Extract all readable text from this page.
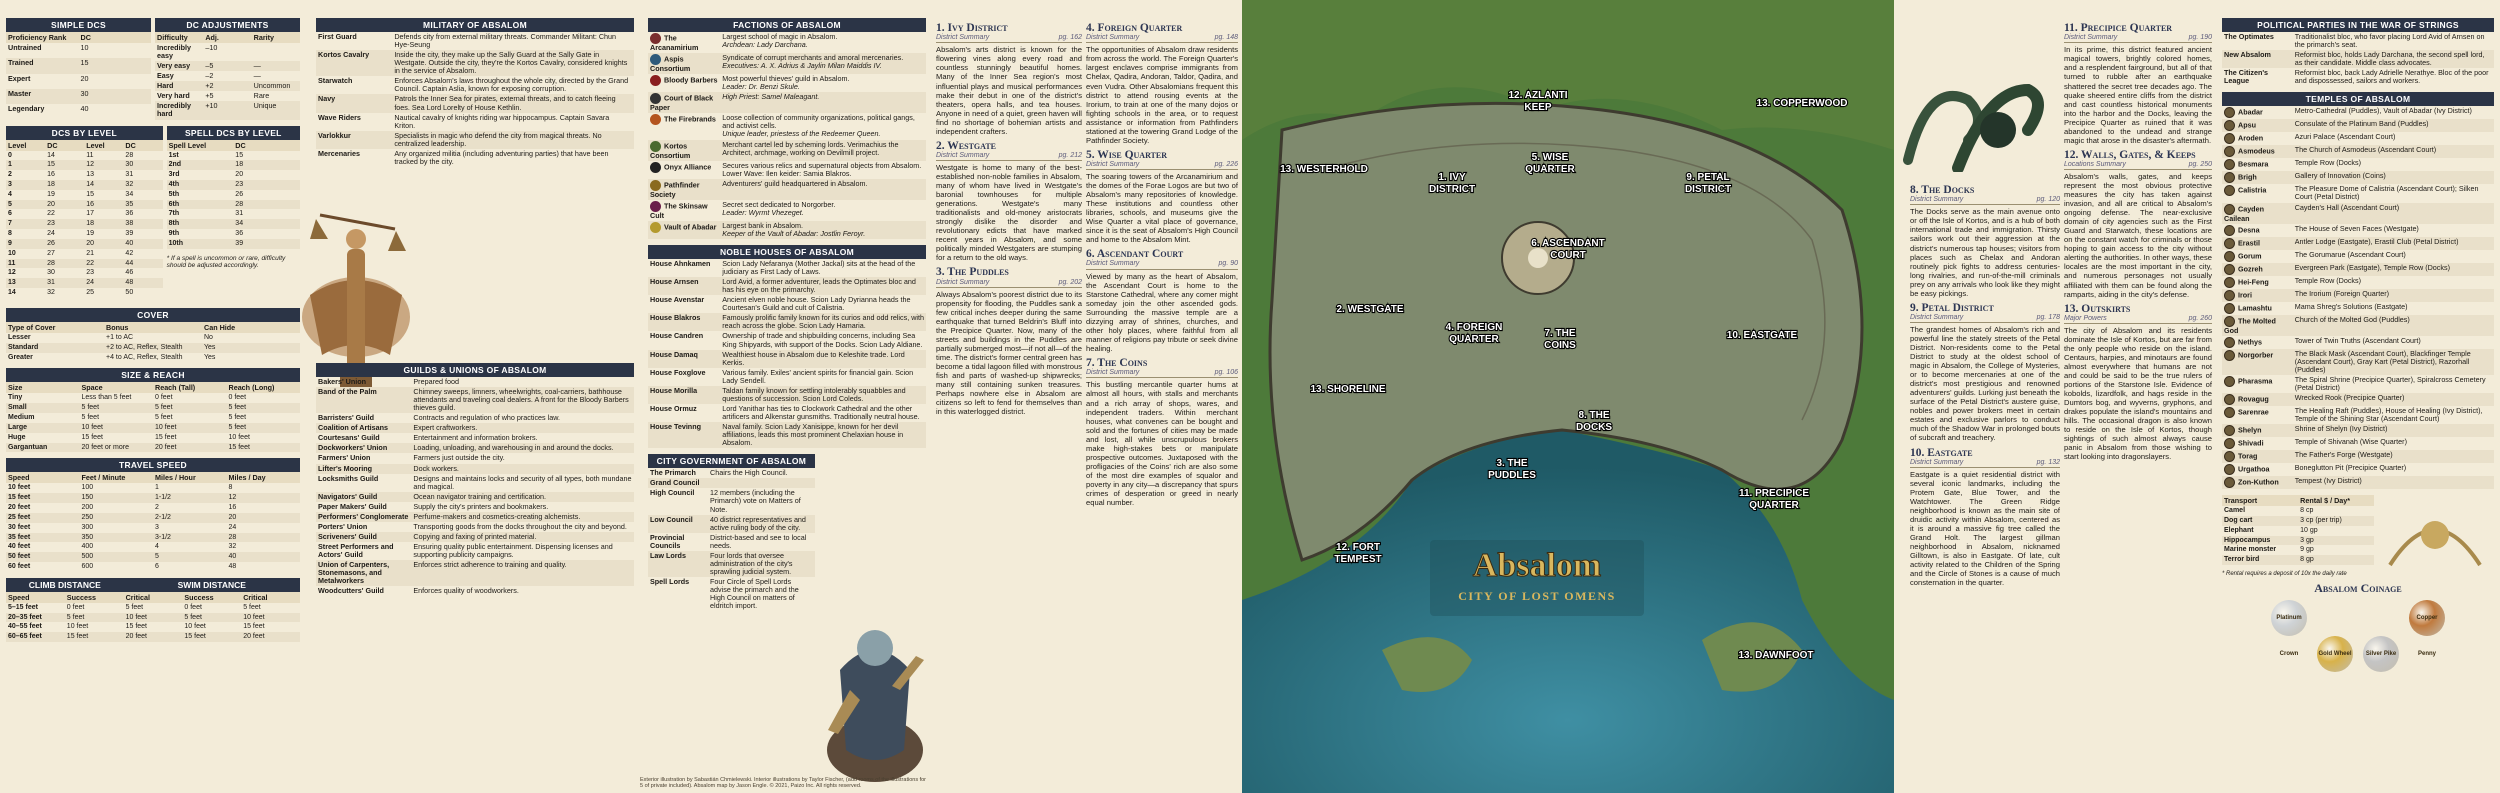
SIMPLE DCS
Proficiency Rank	DC
Untrained	10
Trained	15
Expert	20
Master	30
Legendary	40
DC ADJUSTMENTS
Difficulty	Adj.	Rarity
Incredibly easy	–10	
Very easy	–5	—
Easy	–2	—
Hard	+2	Uncommon
Very hard	+5	Rare
Incredibly hard	+10	Unique
DCS BY LEVEL
Level	DC	Level	DC
0	14	11	28
1	15	12	30
2	16	13	31
3	18	14	32
4	19	15	34
5	20	16	35
6	22	17	36
7	23	18	38
8	24	19	39
9	26	20	40
10	27	21	42
11	28	22	44
12	30	23	46
13	31	24	48
14	32	25	50
SPELL DCS BY LEVEL
Spell Level	DC
1st	15
2nd	18
3rd	20
4th	23
5th	26
6th	28
7th	31
8th	34
9th	36
10th	39
* If a spell is uncommon or rare, difficulty should be adjusted accordingly.
COVER
Type of Cover	Bonus	Can Hide
Lesser	+1 to AC	No
Standard	+2 to AC, Reflex, Stealth	Yes
Greater	+4 to AC, Reflex, Stealth	Yes
SIZE & REACH
Size	Space	Reach (Tall)	Reach (Long)
Tiny	Less than 5 feet	0 feet	0 feet
Small	5 feet	5 feet	5 feet
Medium	5 feet	5 feet	5 feet
Large	10 feet	10 feet	5 feet
Huge	15 feet	15 feet	10 feet
Gargantuan	20 feet or more	20 feet	15 feet
TRAVEL SPEED
Speed	Feet / Minute	Miles / Hour	Miles / Day
10 feet	100	1	8
15 feet	150	1-1/2	12
20 feet	200	2	16
25 feet	250	2-1/2	20
30 feet	300	3	24
35 feet	350	3-1/2	28
40 feet	400	4	32
50 feet	500	5	40
60 feet	600	6	48
CLIMB DISTANCE	SWIM DISTANCE
Speed	Success	Critical	Success	Critical
5–15 feet	0 feet	5 feet	0 feet	5 feet
20–35 feet	5 feet	10 feet	5 feet	10 feet
40–55 feet	10 feet	15 feet	10 feet	15 feet
60–65 feet	15 feet	20 feet	15 feet	20 feet
MILITARY OF ABSALOM
First Guard	Defends city from external military threats. Commander Militant: Chun Hye-Seung
Kortos Cavalry	Inside the city, they make up the Sally Guard at the Sally Gate in Westgate. Outside the city, they're the Kortos Cavalry, considered knights in the service of Absalom.
Starwatch	Enforces Absalom's laws throughout the whole city, directed by the Grand Council. Captain Aslia, known for exposing corruption.
Navy	Patrols the Inner Sea for pirates, external threats, and to catch fleeing foes. Sea Lord Lorelty of House Kethlin.
Wave Riders	Nautical cavalry of knights riding war hippocampus. Captain Savara Kriton.
Varlokkur	Specialists in magic who defend the city from magical threats. No centralized leadership.
Mercenaries	Any organized militia (including adventuring parties) that have been tracked by the city.
GUILDS & UNIONS OF ABSALOM
Bakers' Union	Prepared food
Band of the Palm	Chimney sweeps, limners, wheelwrights, coal-carriers, bathhouse attendants and traveling coal dealers. A front for the Bloody Barbers thieves guild.
Barristers' Guild	Contracts and regulation of who practices law.
Coalition of Artisans	Expert craftworkers.
Courtesans' Guild	Entertainment and information brokers.
Dockworkers' Union	Loading, unloading, and warehousing in and around the docks.
Farmers' Union	Farmers just outside the city.
Lifter's Mooring	Dock workers.
Locksmiths Guild	Designs and maintains locks and security of all types, both mundane and magical.
Navigators' Guild	Ocean navigator training and certification.
Paper Makers' Guild	Supply the city's printers and bookmakers.
Performers' Conglomerate	Perfume-makers and cosmetics-creating alchemists.
Porters' Union	Transporting goods from the docks throughout the city and beyond.
Scriveners' Guild	Copying and faxing of printed material.
Street Performers and Actors' Guild	Ensuring quality public entertainment. Dispensing licenses and supporting publicity campaigns.
Union of Carpenters, Stonemasons, and Metalworkers	Enforces strict adherence to training and quality.
Woodcutters' Guild	Enforces quality of woodworkers.
FACTIONS OF ABSALOM
The Arcanamirium	Largest school of magic in Absalom.
Archdean: Lady Darchana.

Aspis Consortium	Syndicate of corrupt merchants and amoral mercenaries.
Executives: A. X. Adrius & Jaylin Milan Maiddis IV.

Bloody Barbers	Most powerful thieves' guild in Absalom.
Leader: Dr. Benzi Skule.

Court of Black Paper	High Priest: Samel Maleagant.

The Firebrands	Loose collection of community organizations, political gangs, and activist cells.
Unique leader, priestess of the Redeemer Queen.

Kortos Consortium	Merchant cartel led by scheming lords. Verimachius the Architect, archmage, working on Devilmill project.

Onyx Alliance	Secures various relics and supernatural objects from Absalom. Lower Wave: Ilen keider: Samia Blakros.

Pathfinder Society	Adventurers' guild headquartered in Absalom.

The Skinsaw Cult	Secret sect dedicated to Norgorber.
Leader: Wyrmt Vhezeget.

Vault of Abadar	Largest bank in Absalom.
Keeper of the Vault of Abadar: Jostlin Feroyr.
NOBLE HOUSES OF ABSALOM
House Ahnkamen	Scion Lady Nefaranya (Mother Jackal) sits at the head of the judiciary as First Lady of Laws.
House Arnsen	Lord Avid, a former adventurer, leads the Optimates bloc and has his eye on the primarchy.
House Avenstar	Ancient elven noble house. Scion Lady Dyrianna heads the Courtesan's Guild and cult of Calistria.
House Blakros	Famously prolific family known for its curios and odd relics, with reach across the globe. Scion Lady Hamaria.
House Candren	Ownership of trade and shipbuilding concerns, including Sea King Shipyards, with support of the Docks. Scion Lady Aldiane.
House Damaq	Wealthiest house in Absalom due to Keleshite trade. Lord Kerkis.
House Foxglove	Various family. Exiles' ancient spirits for financial gain. Scion Lady Sendell.
House Morilla	Taldan family known for settling intolerably squabbles and questions of succession. Scion Lord Coleds.
House Ormuz	Lord Yanithar has ties to Clockwork Cathedral and the other artificers and Alkenstar gunsmiths. Traditionally neutral house.
House Tevinng	Naval family. Scion Lady Xanisippe, known for her devil affiliations, leads this most prominent Chelaxian house in Absalom.
CITY GOVERNMENT OF ABSALOM
The Primarch	Chairs the High Council.
Grand Council	
High Council	12 members (including the Primarch) vote on Matters of Note.
Low Council	40 district representatives and active ruling body of the city.
Provincial Councils	District-based and see to local needs.
Law Lords	Four lords that oversee administration of the city's sprawling judicial system.
Spell Lords	Four Circle of Spell Lords advise the primarch and the High Council on matters of eldritch import.
Exterior illustration by Sabastián Chmielewski. Interior illustrations by Taylor Fischer, (add rooms of the illustrations for 5 of private included). Absalom map by Jason Engle. © 2021, Paizo Inc. All rights reserved.
1. Ivy District
District Summary	pg. 162

Absalom's arts district is known for the flowering vines along every road and countless stunningly beautiful homes. Many of the Inner Sea region's most influential plays and musical performances make their debut in one of the district's theaters, opera halls, and tea houses. Anyone in need of a quiet, green haven will find no shortage of bohemian artists and independent crafters.

2. Westgate
District Summary	pg. 212

Westgate is home to many of the best-established non-noble families in Absalom, many of whom have lived in Westgate's baronial townhouses for multiple generations. Westgate's many traditionalists and old-money aristocrats strongly dislike the disorder and revolutionary edicts that have marked recent years in Absalom, and some politically minded Westgaters are stumping for a return to the old ways.

3. The Puddles
District Summary	pg. 202

Always Absalom's poorest district due to its propensity for flooding, the Puddles sank a few critical inches deeper during the same earthquake that turned Beldrin's Bluff into the Precipice Quarter. Now, many of the streets and buildings in the Puddles are partially submerged most—if not all—of the time. The district's former central green has become a tidal lagoon filled with monstrous fish and parts of washed-up shipwrecks; many still containing sunken treasures. Perhaps nowhere else in Absalom are citizens so left to fend for themselves than in this waterlogged district.

4. Foreign Quarter
District Summary	pg. 148

The opportunities of Absalom draw residents from across the world. The Foreign Quarter's largest enclaves comprise immigrants from Chelax, Qadira, Andoran, Taldor, Qadira, and even Vudra. Other Absalomians frequent this district to attend rousing events at the Irorium, to train at one of the many dojos or fighting schools in the area, or to request assistance or information from Pathfinders stationed at the towering Grand Lodge of the Pathfinder Society.

5. Wise Quarter
District Summary	pg. 226

The soaring towers of the Arcanamirium and the domes of the Forae Logos are but two of Absalom's many repositories of knowledge. These institutions and countless other libraries, schools, and museums give the Wise Quarter a vital place of governance, since it is the seat of Absalom's High Council and home to the Absalom Mint.

6. Ascendant Court
District Summary	pg. 90

Viewed by many as the heart of Absalom, the Ascendant Court is home to the Starstone Cathedral, where any comer might someday join the other ascended gods. Surrounding the massive temple are a dizzying array of shrines, churches, and other holy places, where faithful from all manner of religions pay tribute or seek divine healing.

7. The Coins
District Summary	pg. 106

This bustling mercantile quarter hums at almost all hours, with stalls and merchants and a rich array of shops, wares, and independent traders. Within merchant houses, what convenes can be bought and sold and the fortunes of cities may be made and lost, all while unscrupulous brokers make high-stakes bets or manipulate prospective outcomes. Juxtaposed with the profligacies of the Coins' rich are also some of the most dire examples of squalor and poverty in any city—a discrepancy that spurs crimes of desperation or greed in nearly equal number.

1. IVY DISTRICT
2. WESTGATE
3. THE PUDDLES
4. FOREIGN QUARTER
5. WISE QUARTER
6. ASCENDANT COURT
7. THE COINS
8. THE DOCKS
9. PETAL DISTRICT
10. EASTGATE
11. PRECIPICE QUARTER
12. AZLANTI KEEP	13. COPPERWOOD
13. WESTERHOLD
13. SHORELINE
12. FORT TEMPEST
13. DAWNFOOT
Absalom
CITY OF LOST OMENS
8. The Docks
District Summary	pg. 120

The Docks serve as the main avenue onto or off the Isle of Kortos, and is a hub of both international trade and immigration. Thirsty sailors work out their aggression at the district's numerous tap houses; visitors from places such as Chelax and Andoran routinely pick fights to address centuries-long rivalries, and run-of-the-mill criminals prey on any arrivals who look like they might be easy pickings.

9. Petal District
District Summary	pg. 178

The grandest homes of Absalom's rich and powerful line the stately streets of the Petal District. Non-residents come to the Petal District to study at the oldest school of magic in Absalom, the College of Mysteries, or to become mercenaries at one of the district's most prestigious and renowned adventurers' guilds. Lurking just beneath the surface of the Petal District's austere guise, nobles and power brokers meet in certain estates and exclusive parlors to conduct much of the Shadow War in prolonged bouts of subcraft and treachery.

10. Eastgate
District Summary	pg. 132

Eastgate is a quiet residential district with several iconic landmarks, including the Protem Gate, Blue Tower, and the Watchtower. The Green Ridge neighborhood is known as the main site of druidic activity within Absalom, centered as it is around a massive fig tree called the Grand Holt. The largest gillman neighborhood in Absalom, nicknamed Gilltown, is also in Eastgate. Of late, cult activity related to the Children of the Spring and the Circle of Stones is a cause of much consternation in the quarter.

11. Precipice Quarter
District Summary	pg. 190

In its prime, this district featured ancient magical towers, brightly colored homes, and a resplendent fairground, but all of that turned to rubble after an earthquake shattered the secret tree decades ago. The quake sheered entire cliffs from the district and cast countless historical monuments into the harbor and the Docks, leaving the Precipice Quarter as ruined that it was abandoned to the undead and strange magic that arose in the disaster's aftermath.

12. Walls, Gates, & Keeps
Locations Summary	pg. 250

Absalom's walls, gates, and keeps represent the most obvious protective measures the city has taken against invasion, and all are critical to Absalom's ongoing defense. The near-exclusive domain of city agencies such as the First Guard and Starwatch, these locations are on the constant watch for criminals or those hoping to gain access to the city without alerting the authorities. In other ways, these locales are the most important in the city, and numerous personages not usually affiliated with them can be found along the ramparts, aiding in the city's defense.

13. Outskirts
Major Powers	pg. 260

The city of Absalom and its residents dominate the Isle of Kortos, but are far from the only people who reside on the island. Centaurs, harpies, and minotaurs are found almost everywhere that humans are not and could be said to be the true rulers of portions of the Starstone Isle. Evidence of kobolds, lizardfolk, and hags reside in the Dumtors bog, and wyverns, gryphons, and drakes populate the island's mountains and hills. The occasional dragon is also known to reside on the Isle of Kortos, though sightings of such almost always cause panic in Absalom from those wishing to start looking into dragonslayers.

POLITICAL PARTIES IN THE WAR OF STRINGS
The Optimates	Traditionalist bloc, who favor placing Lord Avid of Arnsen on the primarch's seat.
New Absalom	Reformist bloc, holds Lady Darchana, the second spell lord, as their candidate. Middle class advocates.
The Citizen's League	Reformist bloc, back Lady Adrielle Nerathye. Bloc of the poor and dispossessed, sailors and workers.
TEMPLES OF ABSALOM
Abadar	Metro-Cathedral (Puddles), Vault of Abadar (Ivy District)
Apsu	Consulate of the Platinum Band (Puddles)
Aroden	Azuri Palace (Ascendant Court)
Asmodeus	The Church of Asmodeus (Ascendant Court)
Besmara	Temple Row (Docks)
Brigh	Gallery of Innovation (Coins)
Calistria	The Pleasure Dome of Calistria (Ascendant Court); Silken Court (Petal District)
Cayden Cailean	Cayden's Hall (Ascendant Court)
Desna	The House of Seven Faces (Westgate)
Erastil	Antler Lodge (Eastgate), Erastil Club (Petal District)
Gorum	The Gorumarue (Ascendant Court)
Gozreh	Evergreen Park (Eastgate), Temple Row (Docks)
Hei-Feng	Temple Row (Docks)
Irori	The Irorium (Foreign Quarter)
Lamashtu	Mama Shreg's Solutions (Eastgate)
The Molted God	Church of the Molted God (Puddles)
Nethys	Tower of Twin Truths (Ascendant Court)
Norgorber	The Black Mask (Ascendant Court), Blackfinger Temple (Ascendant Court), Gray Kart (Petal District), Razorhall (Puddles)
Pharasma	The Spiral Shrine (Precipice Quarter), Spiralcross Cemetery (Petal District)
Rovagug	Wrecked Rook (Precipice Quarter)
Sarenrae	The Healing Raft (Puddles), House of Healing (Ivy District), Temple of the Shining Star (Ascendant Court)
Shelyn	Shrine of Shelyn (Ivy District)
Shivadi	Temple of Shivanah (Wise Quarter)
Torag	The Father's Forge (Westgate)
Urgathoa	Boneglutton Pit (Precipice Quarter)
Zon-Kuthon	Tempest (Ivy District)
Transport	Rental $ / Day*
Camel	8 cp
Dog cart	3 cp (per trip)
Elephant	10 gp
Hippocampus	3 gp
Marine monster	9 gp
Terror bird	8 gp
* Rental requires a deposit of 10x the daily rate
Absalom Coinage
Platinum Crown	Gold Wheel Silver PikeCopper Penny
